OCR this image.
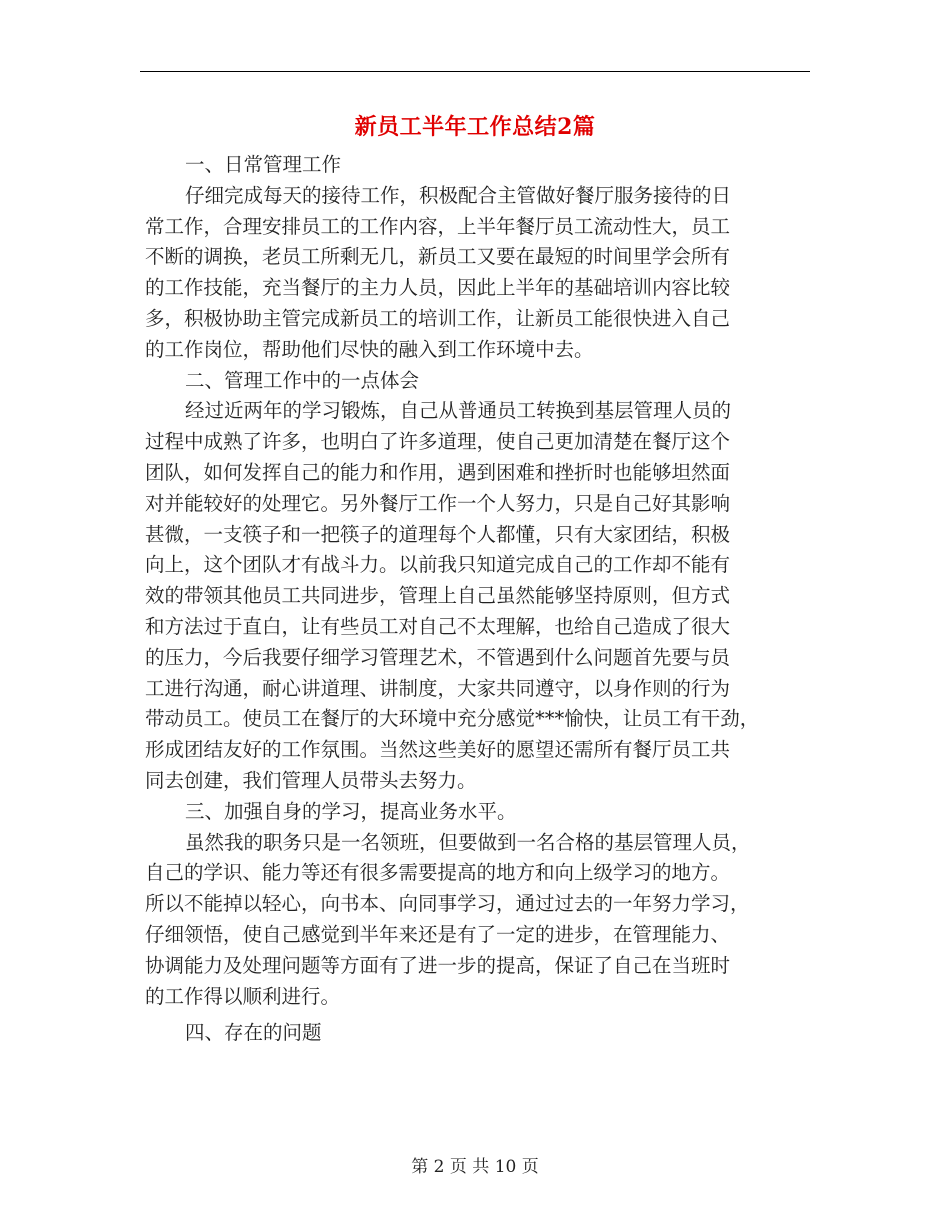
新员工半年工作总结2篇
一、日常管理工作
仔细完成每天的接待工作，积极配合主管做好餐厅服务接待的日
常工作，合理安排员工的工作内容，上半年餐厅员工流动性大，员工
不断的调换，老员工所剩无几，新员工又要在最短的时间里学会所有
的工作技能，充当餐厅的主力人员，因此上半年的基础培训内容比较
多，积极协助主管完成新员工的培训工作，让新员工能很快进入自己
的工作岗位，帮助他们尽快的融入到工作环境中去。
二、管理工作中的一点体会
经过近两年的学习锻炼，自己从普通员工转换到基层管理人员的
过程中成熟了许多，也明白了许多道理，使自己更加清楚在餐厅这个
团队，如何发挥自己的能力和作用，遇到困难和挫折时也能够坦然面
对并能较好的处理它。另外餐厅工作一个人努力，只是自己好其影响
甚微，一支筷子和一把筷子的道理每个人都懂，只有大家团结，积极
向上，这个团队才有战斗力。以前我只知道完成自己的工作却不能有
效的带领其他员工共同进步，管理上自己虽然能够坚持原则，但方式
和方法过于直白，让有些员工对自己不太理解，也给自己造成了很大
的压力，今后我要仔细学习管理艺术，不管遇到什么问题首先要与员
工进行沟通，耐心讲道理、讲制度，大家共同遵守，以身作则的行为
带动员工。使员工在餐厅的大环境中充分感觉***愉快，让员工有干劲，
形成团结友好的工作氛围。当然这些美好的愿望还需所有餐厅员工共
同去创建，我们管理人员带头去努力。
三、加强自身的学习，提高业务水平。
虽然我的职务只是一名领班，但要做到一名合格的基层管理人员，
自己的学识、能力等还有很多需要提高的地方和向上级学习的地方。
所以不能掉以轻心，向书本、向同事学习，通过过去的一年努力学习，
仔细领悟，使自己感觉到半年来还是有了一定的进步，在管理能力、
协调能力及处理问题等方面有了进一步的提高，保证了自己在当班时
的工作得以顺利进行。
四、存在的问题
第 2 页 共 10 页
